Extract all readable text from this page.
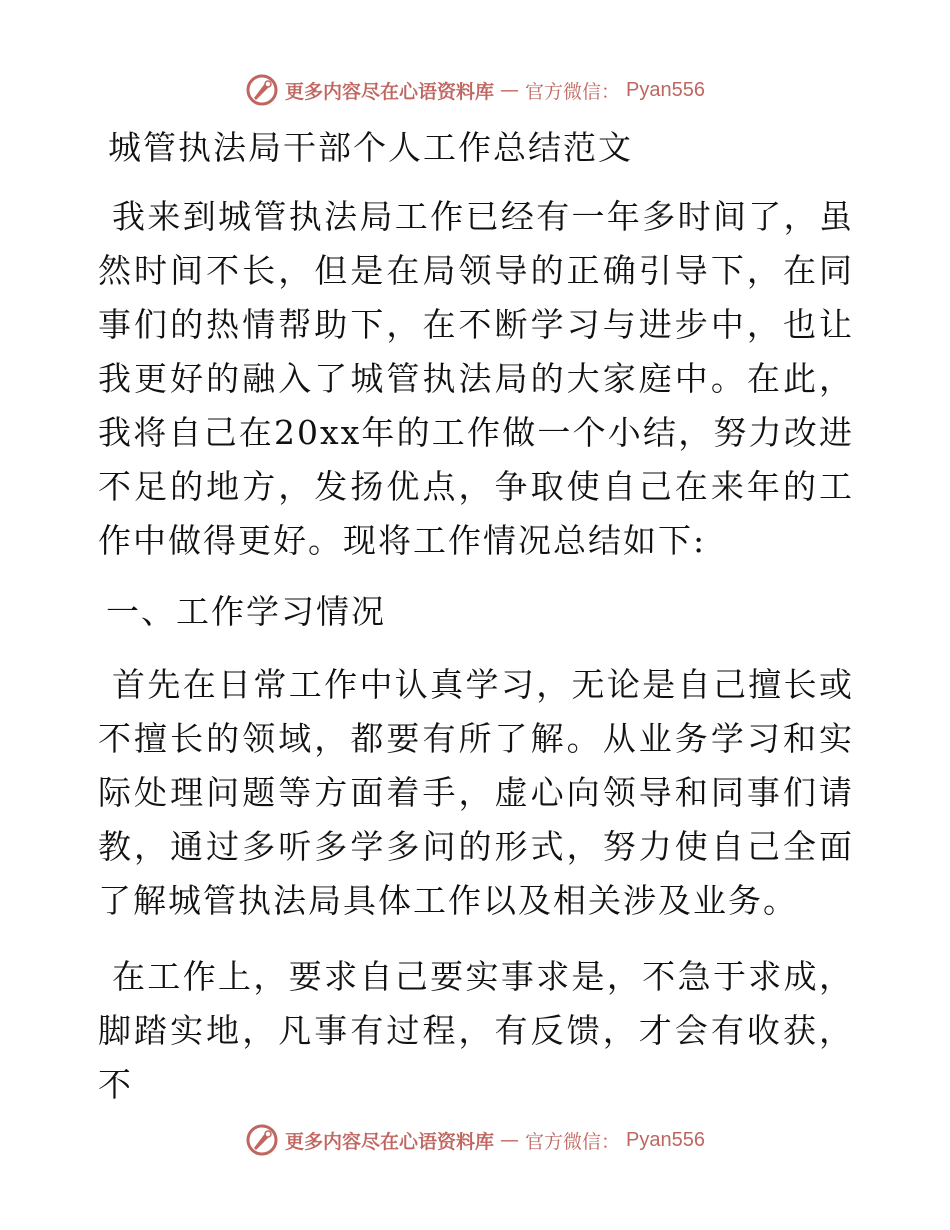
更多内容尽在心语资料库 — 官方微信： Pyan556
城管执法局干部个人工作总结范文

我来到城管执法局工作已经有一年多时间了，虽然时间不长，但是在局领导的正确引导下，在同事们的热情帮助下，在不断学习与进步中，也让我更好的融入了城管执法局的大家庭中。在此，我将自己在20xx年的工作做一个小结，努力改进不足的地方，发扬优点，争取使自己在来年的工作中做得更好。现将工作情况总结如下:

一、工作学习情况

首先在日常工作中认真学习，无论是自己擅长或不擅长的领域，都要有所了解。从业务学习和实际处理问题等方面着手，虚心向领导和同事们请教，通过多听多学多问的形式，努力使自己全面了解城管执法局具体工作以及相关涉及业务。

在工作上，要求自己要实事求是，不急于求成，脚踏实地，凡事有过程，有反馈，才会有收获，不

更多内容尽在心语资料库 — 官方微信： Pyan556
